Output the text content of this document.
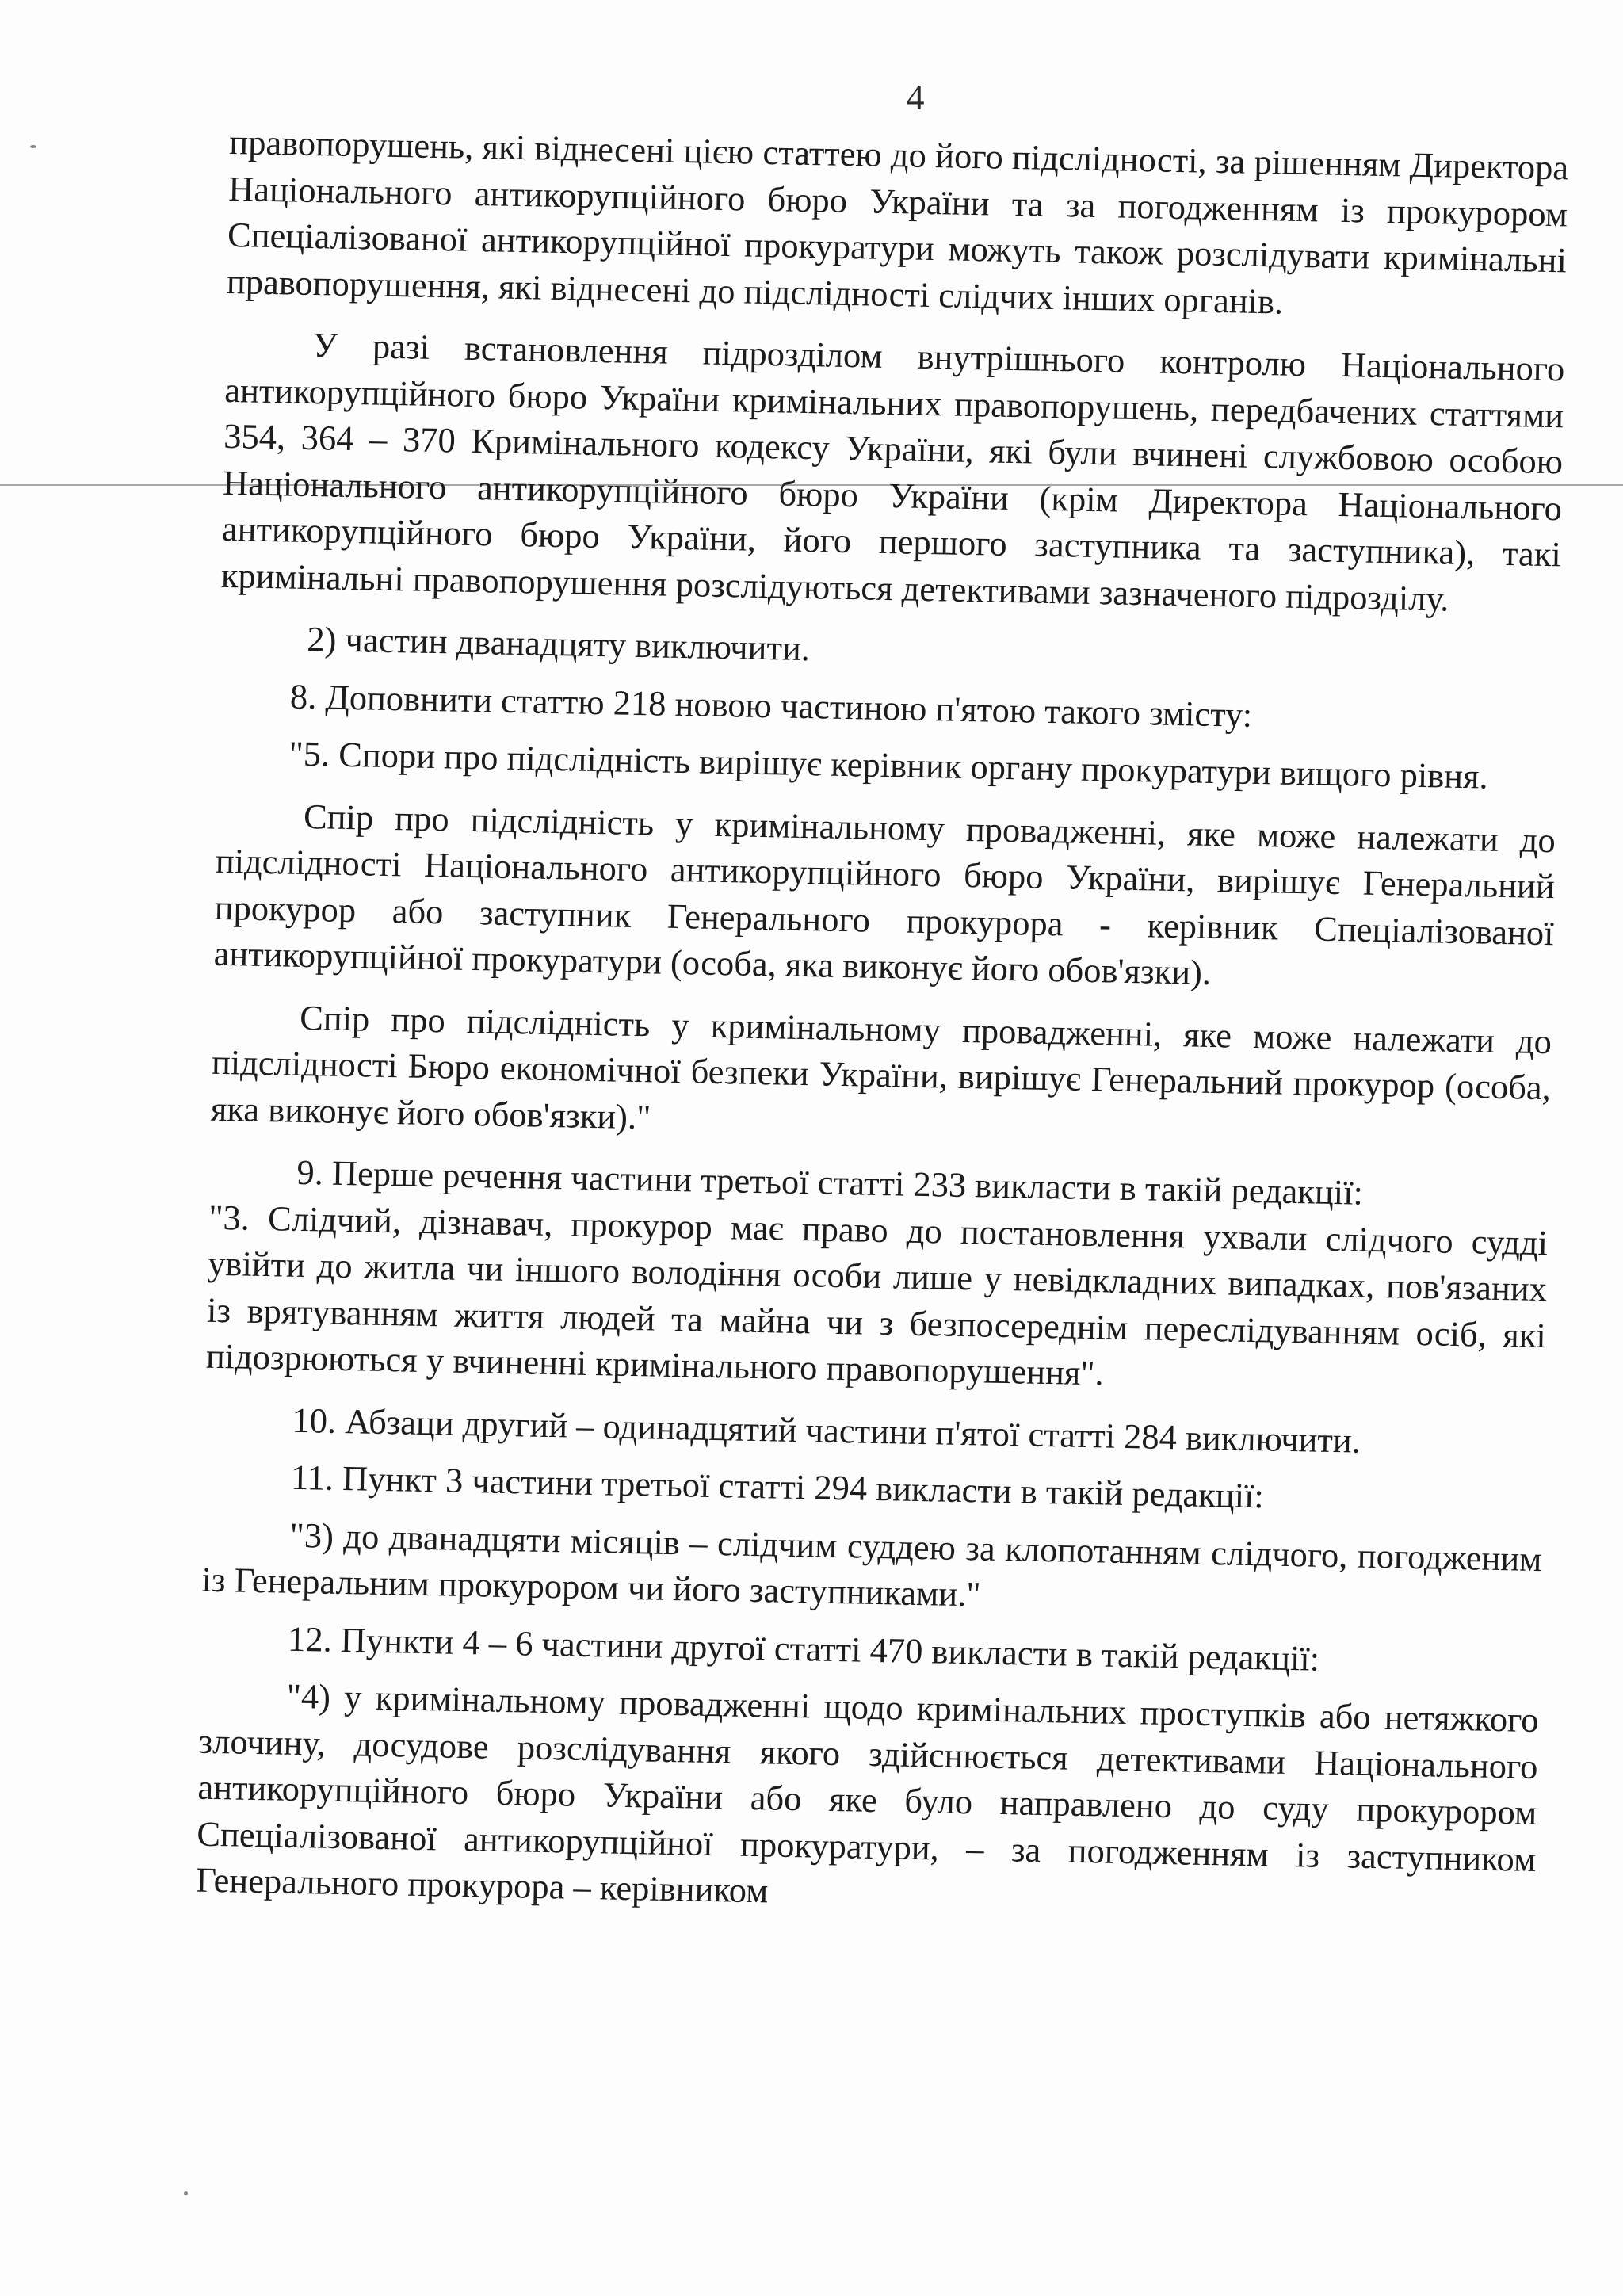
4

правопорушень, які віднесені цією статтею до його підслідності, за рішенням Директора Національного антикорупційного бюро України та за погодженням із прокурором Спеціалізованої антикорупційної прокуратури можуть також розслідувати кримінальні правопорушення, які віднесені до підслідності слідчих інших органів.

У разі встановлення підрозділом внутрішнього контролю Національного антикорупційного бюро України кримінальних правопорушень, передбачених статтями 354, 364 – 370 Кримінального кодексу України, які були вчинені службовою особою Національного антикорупційного бюро України (крім Директора Національного антикорупційного бюро України, його першого заступника та заступника), такі кримінальні правопорушення розслідуються детективами зазначеного підрозділу.

2) частин дванадцяту виключити.

8. Доповнити статтю 218 новою частиною п'ятою такого змісту:

"5. Спори про підслідність вирішує керівник органу прокуратури вищого рівня.

Спір про підслідність у кримінальному провадженні, яке може належати до підслідності Національного антикорупційного бюро України, вирішує Генеральний прокурор або заступник Генерального прокурора - керівник Спеціалізованої антикорупційної прокуратури (особа, яка виконує його обов'язки).

Спір про підслідність у кримінальному провадженні, яке може належати до підслідності Бюро економічної безпеки України, вирішує Генеральний прокурор (особа, яка виконує його обов'язки)."

9. Перше речення частини третьої статті 233 викласти в такій редакції:

"3. Слідчий, дізнавач, прокурор має право до постановлення ухвали слідчого судді увійти до житла чи іншого володіння особи лише у невідкладних випадках, пов'язаних із врятуванням життя людей та майна чи з безпосереднім переслідуванням осіб, які підозрюються у вчиненні кримінального правопорушення".

10. Абзаци другий – одинадцятий частини п'ятої статті 284 виключити.

11. Пункт 3 частини третьої статті 294 викласти в такій редакції:

"3) до дванадцяти місяців – слідчим суддею за клопотанням слідчого, погодженим із Генеральним прокурором чи його заступниками."

12. Пункти 4 – 6 частини другої статті 470 викласти в такій редакції:

"4) у кримінальному провадженні щодо кримінальних проступків або нетяжкого злочину, досудове розслідування якого здійснюється детективами Національного антикорупційного бюро України або яке було направлено до суду прокурором Спеціалізованої антикорупційної прокуратури, – за погодженням із заступником Генерального прокурора – керівником
